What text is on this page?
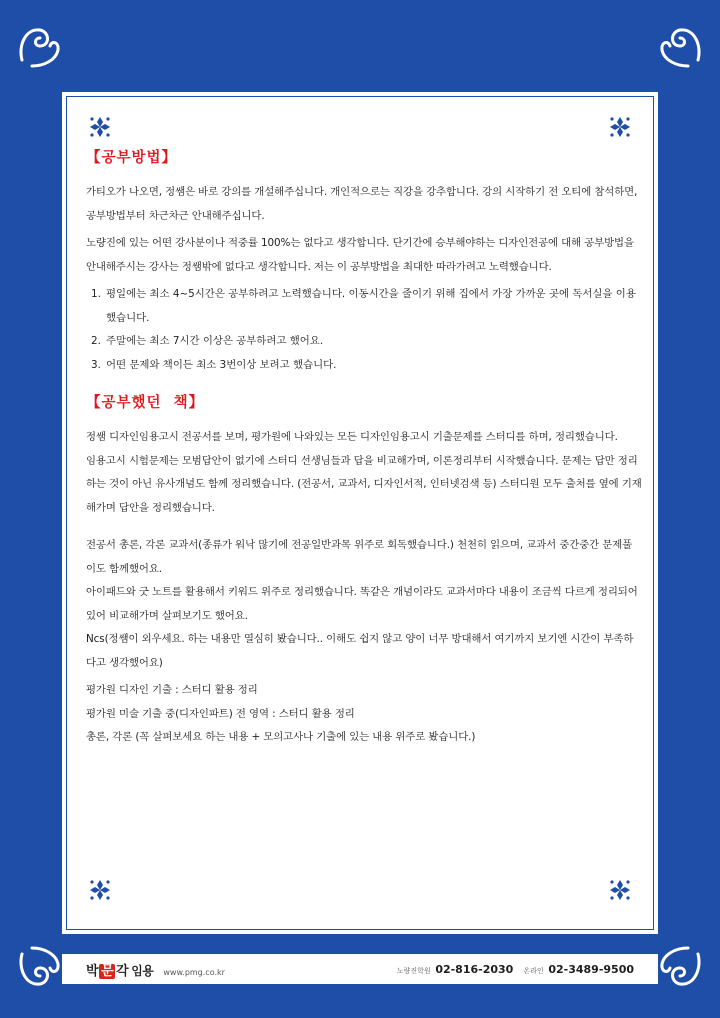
【공부방법】

가티오가 나오면, 정쌤은 바로 강의를 개설해주십니다. 개인적으로는 직강을 강추합니다. 강의 시작하기 전 오티에 참석하면, 공부방법부터 차근차근 안내해주십니다.

노량진에 있는 어떤 강사분이나 적중률 100%는 없다고 생각합니다. 단기간에 승부해야하는 디자인전공에 대해 공부방법을 안내해주시는 강사는 정쌤밖에 없다고 생각합니다. 저는 이 공부방법을 최대한 따라가려고 노력했습니다.

1. 평일에는 최소 4~5시간은 공부하려고 노력했습니다. 이동시간을 줄이기 위해 집에서 가장 가까운 곳에 독서실을 이용했습니다.
2. 주말에는 최소 7시간 이상은 공부하려고 했어요.
3. 어떤 문제와 책이든 최소 3번이상 보려고 했습니다.
【공부했던  책】

정쌤 디자인임용고시 전공서를 보며, 평가원에 나와있는 모든 디자인임용고시 기출문제를 스터디를 하며, 정리했습니다.

임용고시 시험문제는 모범답안이 없기에 스터디 선생님들과 답을 비교해가며, 이론정리부터 시작했습니다. 문제는 답만 정리하는 것이 아닌 유사개념도 함께 정리했습니다. (전공서, 교과서, 디자인서적, 인터넷검색 등) 스터디원 모두 출처를 옆에 기재해가며 답안을 정리했습니다.

전공서 총론, 각론 교과서(종류가 워낙 많기에 전공일반과목 위주로 회독했습니다.) 천천히 읽으며, 교과서 중간중간 문제풀이도 함께했어요.

아이패드와 굿 노트를 활용해서 키워드 위주로 정리했습니다. 똑같은 개념이라도 교과서마다 내용이 조금씩 다르게 정리되어 있어 비교해가며 살펴보기도 했어요.

Ncs(정쌤이 외우세요. 하는 내용만 열심히 봤습니다.. 이해도 쉽지 않고 양이 너무 방대해서 여기까지 보기엔 시간이 부족하다고 생각했어요)

평가원 디자인 기출 : 스터디 활용 정리

평가원 미술 기출 중(디자인파트) 전 영역 : 스터디 활용 정리

총론, 각론 (꼭 살펴보세요 하는 내용 + 모의고사나 기출에 있는 내용 위주로 봤습니다.)

박 문 각 임용 www.pmg.co.kr	노량진학원 02-816-2030 온라인 02-3489-9500
